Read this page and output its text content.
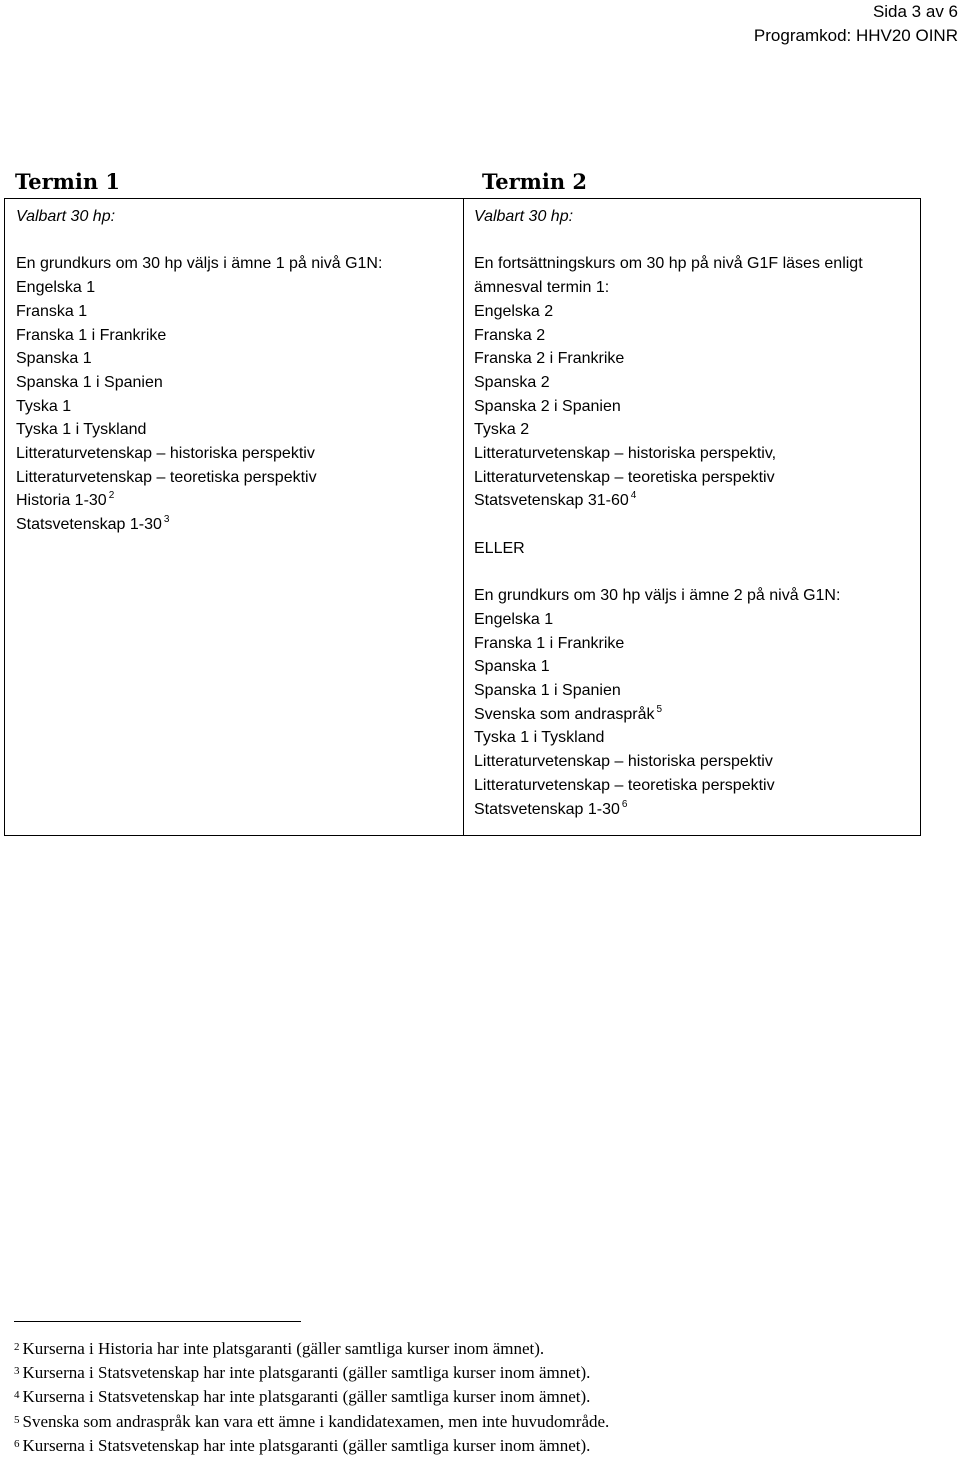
Sida 3 av 6
Programkod: HHV20 OINR
Termin 1	Termin 2
Valbart 30 hp:
En grundkurs om 30 hp väljs i ämne 1 på nivå G1N:
Engelska 1
Franska 1
Franska 1 i Frankrike
Spanska 1
Spanska 1 i Spanien
Tyska 1
Tyska 1 i Tyskland
Litteraturvetenskap – historiska perspektiv
Litteraturvetenskap – teoretiska perspektiv
Historia 1-30 $^2$
Statsvetenskap 1-30 $^3$
Valbart 30 hp:
En fortsättningskurs om 30 hp på nivå G1F läses enligt
ämnesval termin 1:
Engelska 2
Franska 2
Franska 2 i Frankrike
Spanska 2
Spanska 2 i Spanien
Tyska 2
Litteraturvetenskap – historiska perspektiv,
Litteraturvetenskap – teoretiska perspektiv
Statsvetenskap 31-60 $^4$
ELLER
En grundkurs om 30 hp väljs i ämne 2 på nivå G1N:
Engelska 1
Franska 1 i Frankrike
Spanska 1
Spanska 1 i Spanien
Svenska som andraspråk $^5$
Tyska 1 i Tyskland
Litteraturvetenskap – historiska perspektiv
Litteraturvetenskap – teoretiska perspektiv
Statsvetenskap 1-30 $^6$
$^2$ Kurserna i Historia har inte platsgaranti (gäller samtliga kurser inom ämnet).
$^3$ Kurserna i Statsvetenskap har inte platsgaranti (gäller samtliga kurser inom ämnet).
$^4$ Kurserna i Statsvetenskap har inte platsgaranti (gäller samtliga kurser inom ämnet).
$^5$ Svenska som andraspråk kan vara ett ämne i kandidatexamen, men inte huvudområde.
$^6$ Kurserna i Statsvetenskap har inte platsgaranti (gäller samtliga kurser inom ämnet).
